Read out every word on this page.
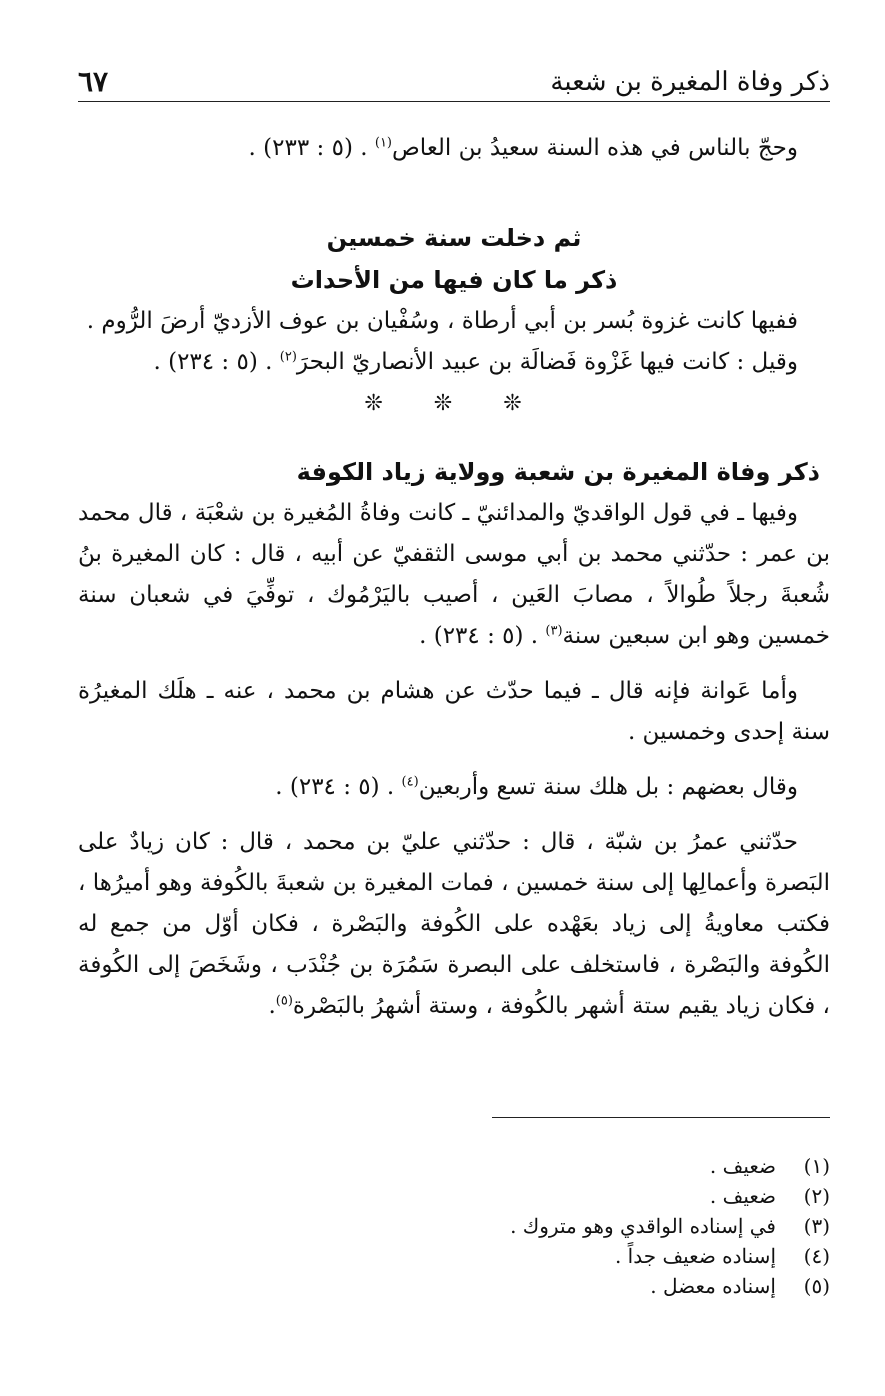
ذكر وفاة المغيرة بن شعبة
٦٧

وحجّ بالناس في هذه السنة سعيدُ بن العاص$^{(١)}$ . (٥ : ٢٣٣) .

ثم دخلت سنة خمسين
ذكر ما كان فيها من الأحداث

ففيها كانت غزوة بُسر بن أبي أرطاة ، وسُفْيان بن عوف الأزديّ أرضَ الرُّوم .

وقيل : كانت فيها غَزْوة فَضالَة بن عبيد الأنصاريّ البحرَ$^{(٢)}$ . (٥ : ٢٣٤) .

❊ ❊ ❊
ذكر وفاة المغيرة بن شعبة وولاية زياد الكوفة

وفيها ـ في قول الواقديّ والمدائنيّ ـ كانت وفاةُ المُغيرة بن شعْبَة ، قال محمد بن عمر : حدّثني محمد بن أبي موسى الثقفيّ عن أبيه ، قال : كان المغيرة بنُ شُعبةَ رجلاً طُوالاً ، مصابَ العَين ، أصيب باليَرْمُوك ، توفِّيَ في شعبان سنة خمسين وهو ابن سبعين سنة$^{(٣)}$ . (٥ : ٢٣٤) .

وأما عَوانة فإنه قال ـ فيما حدّث عن هشام بن محمد ، عنه ـ هلَك المغيرُة سنة إحدى وخمسين .

وقال بعضهم : بل هلك سنة تسع وأربعين$^{(٤)}$ . (٥ : ٢٣٤) .

حدّثني عمرُ بن شبّة ، قال : حدّثني عليّ بن محمد ، قال : كان زيادٌ على البَصرة وأعمالِها إلى سنة خمسين ، فمات المغيرة بن شعبةَ بالكُوفة وهو أميرُها ، فكتب معاويةُ إلى زياد بعَهْده على الكُوفة والبَصْرة ، فكان أوّل من جمع له الكُوفة والبَصْرة ، فاستخلف على البصرة سَمُرَة بن جُنْدَب ، وشَخَصَ إلى الكُوفة ، فكان زياد يقيم ستة أشهر بالكُوفة ، وستة أشهرُ بالبَصْرة$^{(٥)}$.

(١)
ضعيف .
(٢)
ضعيف .
(٣)
في إسناده الواقدي وهو متروك .
(٤)
إسناده ضعيف جداً .
(٥)
إسناده معضل .
